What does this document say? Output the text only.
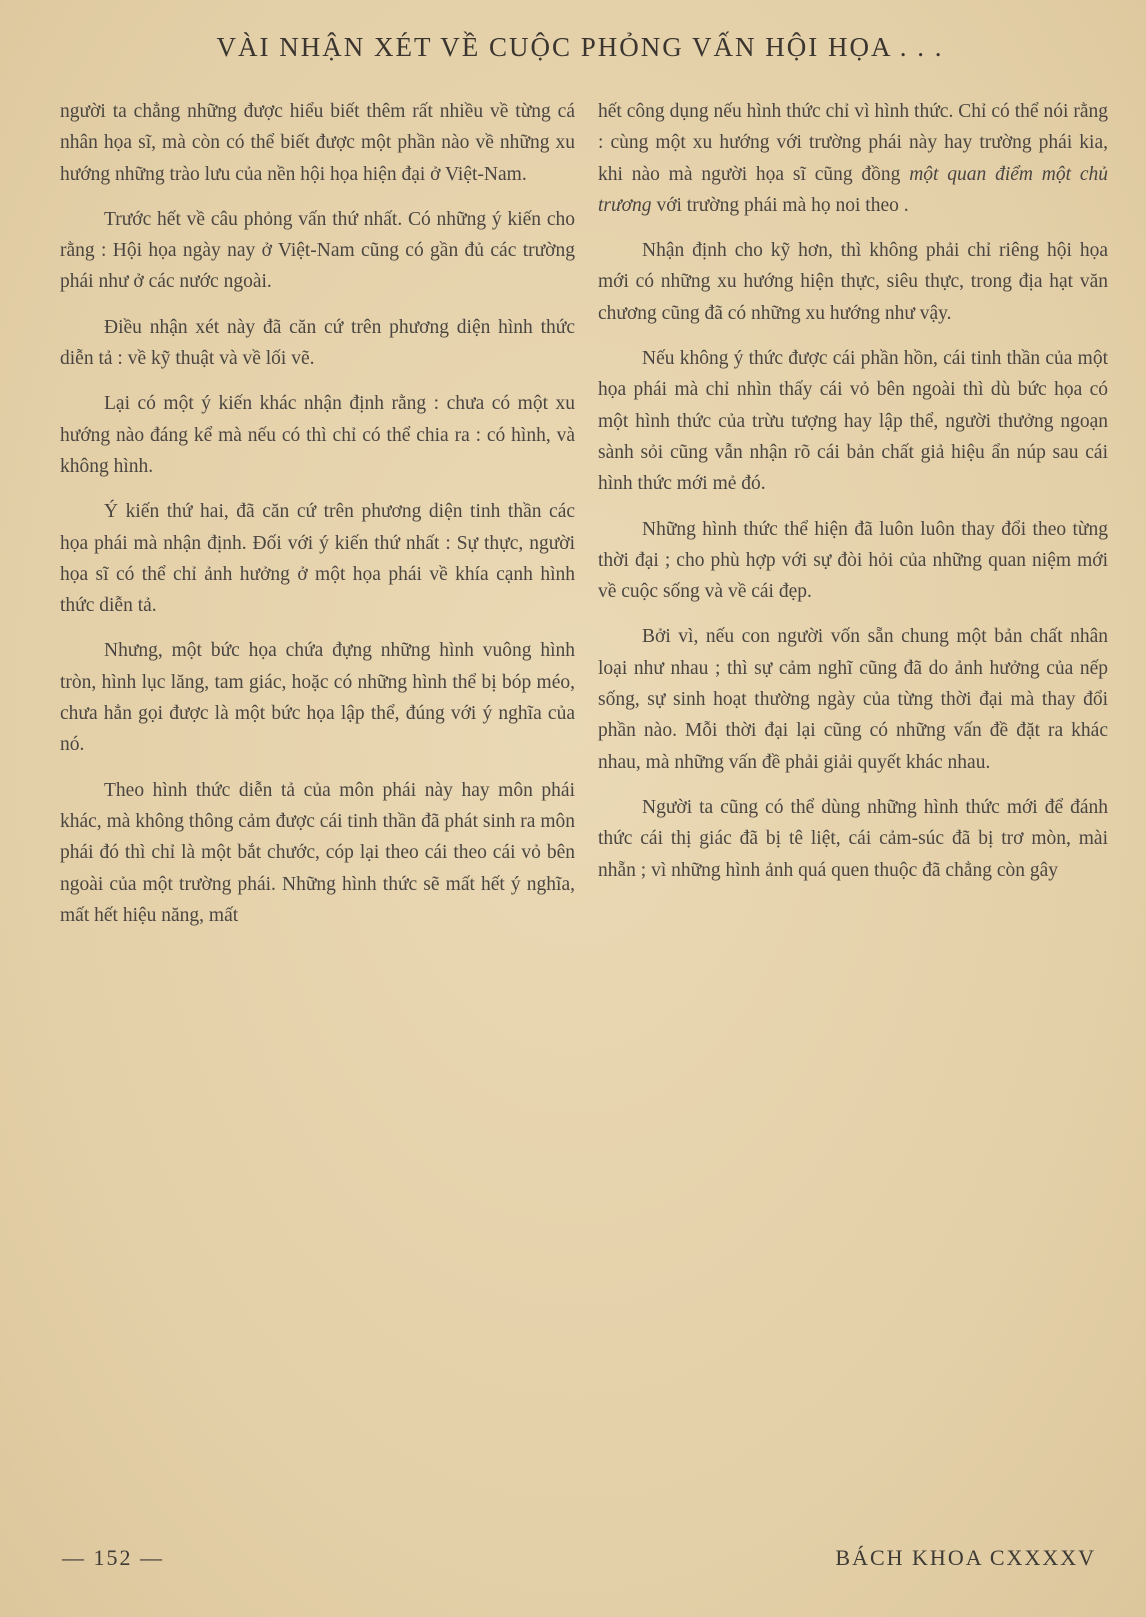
VÀI NHẬN XÉT VỀ CUỘC PHỎNG VẤN HỘI HỌA . . .

người ta chẳng những được hiểu biết thêm rất nhiều về từng cá nhân họa sĩ, mà còn có thể biết được một phần nào về những xu hướng những trào lưu của nền hội họa hiện đại ở Việt-Nam.

Trước hết về câu phỏng vấn thứ nhất. Có những ý kiến cho rằng : Hội họa ngày nay ở Việt-Nam cũng có gần đủ các trường phái như ở các nước ngoài.

Điều nhận xét này đã căn cứ trên phương diện hình thức diễn tả : về kỹ thuật và về lối vẽ.

Lại có một ý kiến khác nhận định rằng : chưa có một xu hướng nào đáng kể mà nếu có thì chỉ có thể chia ra : có hình, và không hình.

Ý kiến thứ hai, đã căn cứ trên phương diện tinh thần các họa phái mà nhận định. Đối với ý kiến thứ nhất : Sự thực, người họa sĩ có thể chỉ ảnh hưởng ở một họa phái về khía cạnh hình thức diễn tả.

Nhưng, một bức họa chứa đựng những hình vuông hình tròn, hình lục lăng, tam giác, hoặc có những hình thể bị bóp méo, chưa hẳn gọi được là một bức họa lập thể, đúng với ý nghĩa của nó.

Theo hình thức diễn tả của môn phái này hay môn phái khác, mà không thông cảm được cái tinh thần đã phát sinh ra môn phái đó thì chỉ là một bắt chước, cóp lại theo cái theo cái vỏ bên ngoài của một trường phái. Những hình thức sẽ mất hết ý nghĩa, mất hết hiệu năng, mất

hết công dụng nếu hình thức chỉ vì hình thức. Chỉ có thể nói rằng : cùng một xu hướng với trường phái này hay trường phái kia, khi nào mà người họa sĩ cũng đồng một quan điểm một chủ trương với trường phái mà họ noi theo .

Nhận định cho kỹ hơn, thì không phải chỉ riêng hội họa mới có những xu hướng hiện thực, siêu thực, trong địa hạt văn chương cũng đã có những xu hướng như vậy.

Nếu không ý thức được cái phần hồn, cái tinh thần của một họa phái mà chỉ nhìn thấy cái vỏ bên ngoài thì dù bức họa có một hình thức của trừu tượng hay lập thể, người thưởng ngoạn sành sỏi cũng vẫn nhận rõ cái bản chất giả hiệu ẩn núp sau cái hình thức mới mẻ đó.

Những hình thức thể hiện đã luôn luôn thay đổi theo từng thời đại ; cho phù hợp với sự đòi hỏi của những quan niệm mới về cuộc sống và về cái đẹp.

Bởi vì, nếu con người vốn sẵn chung một bản chất nhân loại như nhau ; thì sự cảm nghĩ cũng đã do ảnh hưởng của nếp sống, sự sinh hoạt thường ngày của từng thời đại mà thay đổi phần nào. Mỗi thời đại lại cũng có những vấn đề đặt ra khác nhau, mà những vấn đề phải giải quyết khác nhau.

Người ta cũng có thể dùng những hình thức mới để đánh thức cái thị giác đã bị tê liệt, cái cảm-súc đã bị trơ mòn, mài nhẵn ; vì những hình ảnh quá quen thuộc đã chẳng còn gây

— 152 —	BÁCH KHOA CXXXXV
